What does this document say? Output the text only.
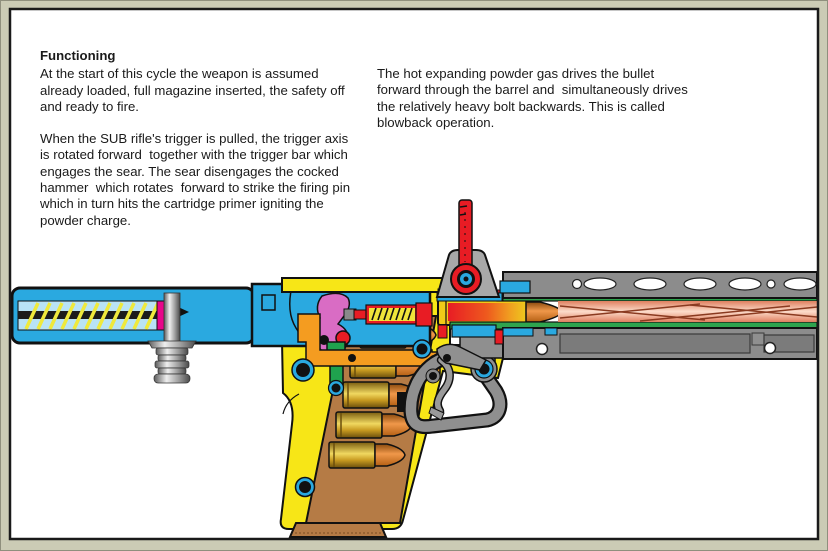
Functioning
At the start of this cycle the weapon is assumed
already loaded, full magazine inserted, the safety off
and ready to fire.
When the SUB rifle's trigger is pulled, the trigger axis
is rotated forward  together with the trigger bar which
engages the sear. The sear disengages the cocked
hammer  which rotates  forward to strike the firing pin
which in turn hits the cartridge primer igniting the
powder charge.
The hot expanding powder gas drives the bullet
forward through the barrel and  simultaneously drives
the relatively heavy bolt backwards. This is called
blowback operation.
